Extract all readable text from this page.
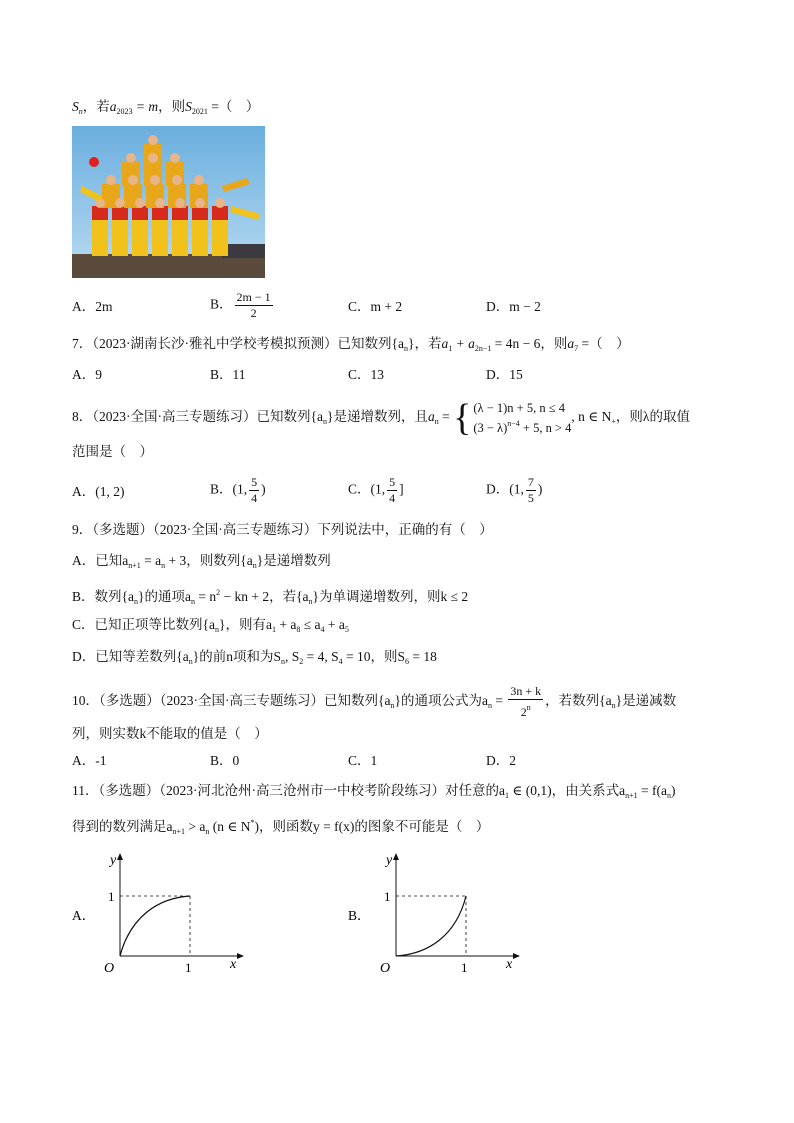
$S_n$，若$a_{2023} = m$，则$S_{2021}$ =（　）
A．2m	B． $\frac{2m - 1}{2}$	C．m + 2	D．m − 2
7．（2023·湖南长沙·雅礼中学校考模拟预测）已知数列$\{a_n\}$，若$a_1 + a_{2n-1} = 4n - 6$，则$a_7$ =（　）
A．9	B．11	C．13	D．15
8．（2023·全国·高三专题练习）已知数列$\{a_n\}$是递增数列，且$a_n$ = { (λ − 1)n + 5, n ≤ 4
$(3 - \lambda)^{n-4} + 5$, n > 4
, n ∈ $N_+$，则λ的取值
范围是（　）
A．(1, 2)	B．(1, $\frac{5}{4}$ )	C．(1, $\frac{5}{4}$ ]	D．(1, $\frac{7}{5}$ )
9．（多选题）（2023·全国·高三专题练习）下列说法中，正确的有（　）
A．已知$a_{n+1} = a_n + 3$，则数列$\{a_n\}$是递增数列
B．数列$\{a_n\}$的通项$a_n = n^2$ − kn + 2，若$\{a_n\}$为单调递增数列，则k ≤ 2
C．已知正项等比数列$\{a_n\}$，则有$a_1 + a_8 \le a_4 + a_5$
D．已知等差数列$\{a_n\}$的前n项和为$S_n$, $S_2 = 4$, $S_4 = 10$，则$S_6 = 18$
10．（多选题）（2023·全国·高三专题练习）已知数列$\{a_n\}$的通项公式为$a_n = \frac{3n + k}{2^n}$ ，若数列$\{a_n\}$是递减数
列，则实数k不能取的值是（　）
A．-1	B．0	C．1	D．2
11．（多选题）（2023·河北沧州·高三沧州市一中校考阶段练习）对任意的$a_1$ ∈ (0,1)，由关系式$a_{n+1} = f(a_n)$
得到的数列满足$a_{n+1} > a_n$ (n ∈ N*)，则函数y = f(x)的图象不可能是（　）
A．
y
x
O
1
1
B．
y
x
O
1
1
